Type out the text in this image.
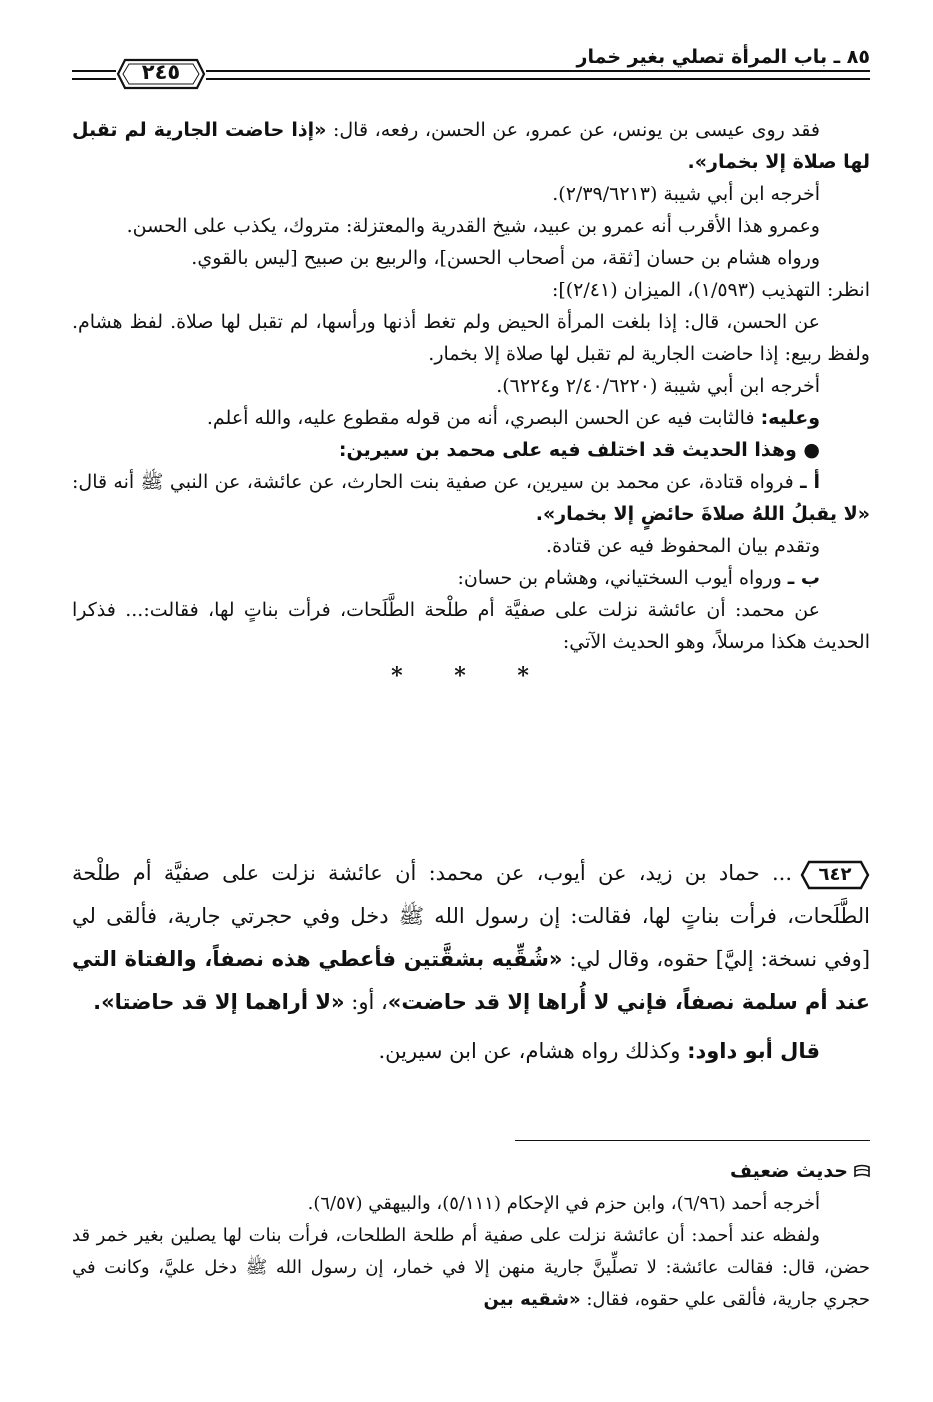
٨٥ ـ باب المرأة تصلي بغير خمار
٢٤٥

فقد روى عيسى بن يونس، عن عمرو، عن الحسن، رفعه، قال: «إذا حاضت الجارية لم تقبل لها صلاة إلا بخمار».

أخرجه ابن أبي شيبة (٢/٣٩/٦٢١٣).

وعمرو هذا الأقرب أنه عمرو بن عبيد، شيخ القدرية والمعتزلة: متروك، يكذب على الحسن.

ورواه هشام بن حسان [ثقة، من أصحاب الحسن]، والربيع بن صبيح [ليس بالقوي.

انظر: التهذيب (١/٥٩٣)، الميزان (٢/٤١)]:

عن الحسن، قال: إذا بلغت المرأة الحيض ولم تغط أذنها ورأسها، لم تقبل لها صلاة. لفظ هشام. ولفظ ربيع: إذا حاضت الجارية لم تقبل لها صلاة إلا بخمار.

أخرجه ابن أبي شيبة (٢/٤٠/٦٢٢٠ و٦٢٢٤).

وعليه: فالثابت فيه عن الحسن البصري، أنه من قوله مقطوع عليه، والله أعلم.

● وهذا الحديث قد اختلف فيه على محمد بن سيرين:

أ ـ فرواه قتادة، عن محمد بن سيرين، عن صفية بنت الحارث، عن عائشة، عن النبي ﷺ أنه قال: «لا يقبلُ اللهُ صلاةَ حائضٍ إلا بخمار».

وتقدم بيان المحفوظ فيه عن قتادة.

ب ـ ورواه أيوب السختياني، وهشام بن حسان:

عن محمد: أن عائشة نزلت على صفيَّة أم طلْحة الطَّلَحات، فرأت بناتٍ لها، فقالت:... فذكرا الحديث هكذا مرسلاً، وهو الحديث الآتي:

* * *

٦٤٢
... حماد بن زيد، عن أيوب، عن محمد: أن عائشة نزلت على صفيَّة أم طلْحة الطَّلَحات، فرأت بناتٍ لها، فقالت: إن رسول الله ﷺ دخل وفي حجرتي جارية، فألقى لي [وفي نسخة: إليَّ] حقوه، وقال لي: «شُقِّيه بشقَّتين فأعطي هذه نصفاً، والفتاة التي عند أم سلمة نصفاً، فإني لا أُراها إلا قد حاضت»، أو: «لا أراهما إلا قد حاضتا».

قال أبو داود: وكذلك رواه هشام، عن ابن سيرين.

حديث ضعيف

أخرجه أحمد (٦/٩٦)، وابن حزم في الإحكام (٥/١١١)، والبيهقي (٦/٥٧).

ولفظه عند أحمد: أن عائشة نزلت على صفية أم طلحة الطلحات، فرأت بنات لها يصلين بغير خمر قد حضن، قال: فقالت عائشة: لا تصلِّينَّ جارية منهن إلا في خمار، إن رسول الله ﷺ دخل عليَّ، وكانت في حجري جارية، فألقى علي حقوه، فقال: «شقيه بين
